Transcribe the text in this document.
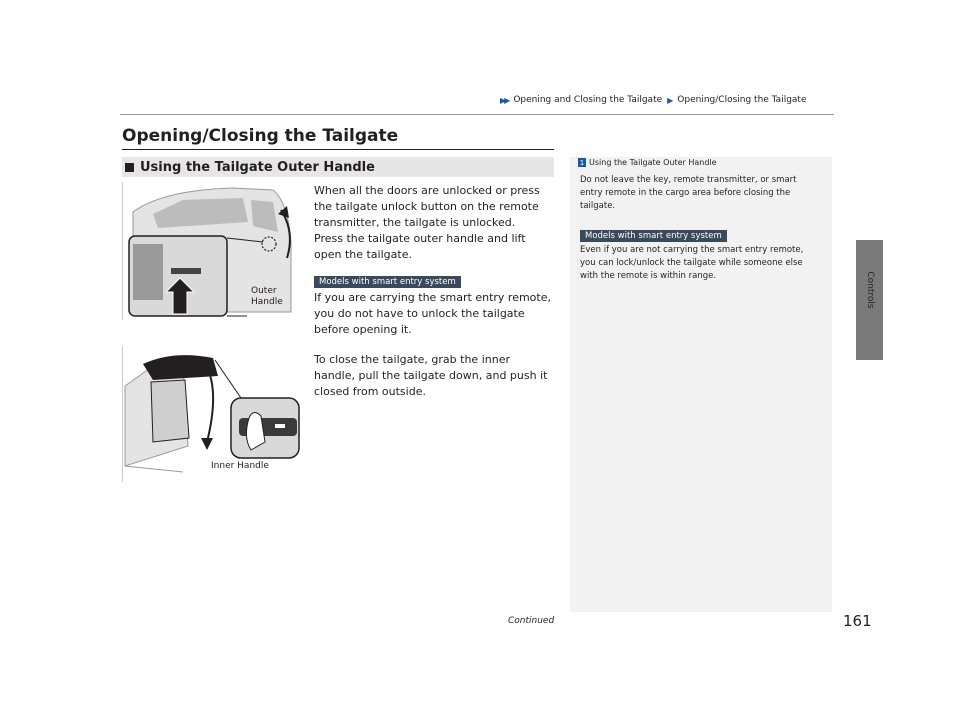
▶▶ Opening and Closing the Tailgate ▶ Opening/Closing the Tailgate
Opening/Closing the Tailgate
Using the Tailgate Outer Handle
Outer
Handle
Inner Handle
When all the doors are unlocked or press the tailgate unlock button on the remote transmitter, the tailgate is unlocked.
Press the tailgate outer handle and lift open the tailgate.
Models with smart entry system
If you are carrying the smart entry remote, you do not have to unlock the tailgate before opening it.
To close the tailgate, grab the inner handle, pull the tailgate down, and push it closed from outside.
1 Using the Tailgate Outer Handle
Do not leave the key, remote transmitter, or smart entry remote in the cargo area before closing the tailgate.
Models with smart entry system
Even if you are not carrying the smart entry remote, you can lock/unlock the tailgate while someone else with the remote is within range.	Controls
Continued	161
